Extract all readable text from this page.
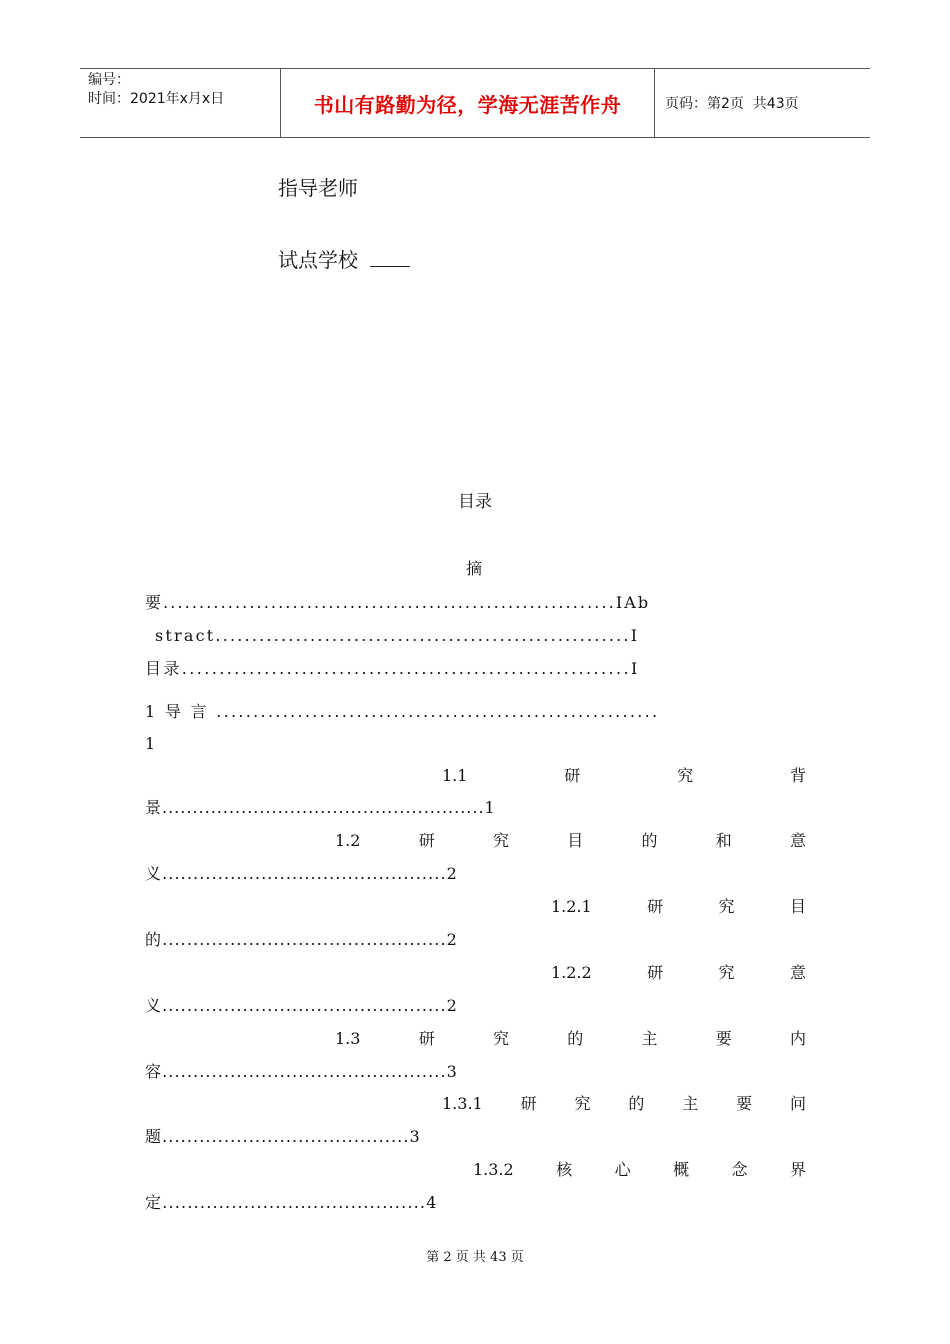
编号：
时间：2021年x月x日	书山有路勤为径，学海无涯苦作舟	页码：第2页  共43页
指导老师
试点学校
目录
摘
要...............................................................ⅠAb
stract.........................................................Ⅰ
目录............................................................Ⅰ
1 导 言 ............................................................
1
1.1	研	究	背
景.....................................................1
1.2	研	究	目	的	和	意
义..............................................2
1.2.1	研	究	目
的..............................................2
1.2.2	研	究	意
义..............................................2
1.3	研	究	的	主	要	内
容..............................................3
1.3.1 研 究 的 主 要 问
题........................................3
1.3.2	核	心	概	念	界
定..........................................4
第 2 页 共 43 页
